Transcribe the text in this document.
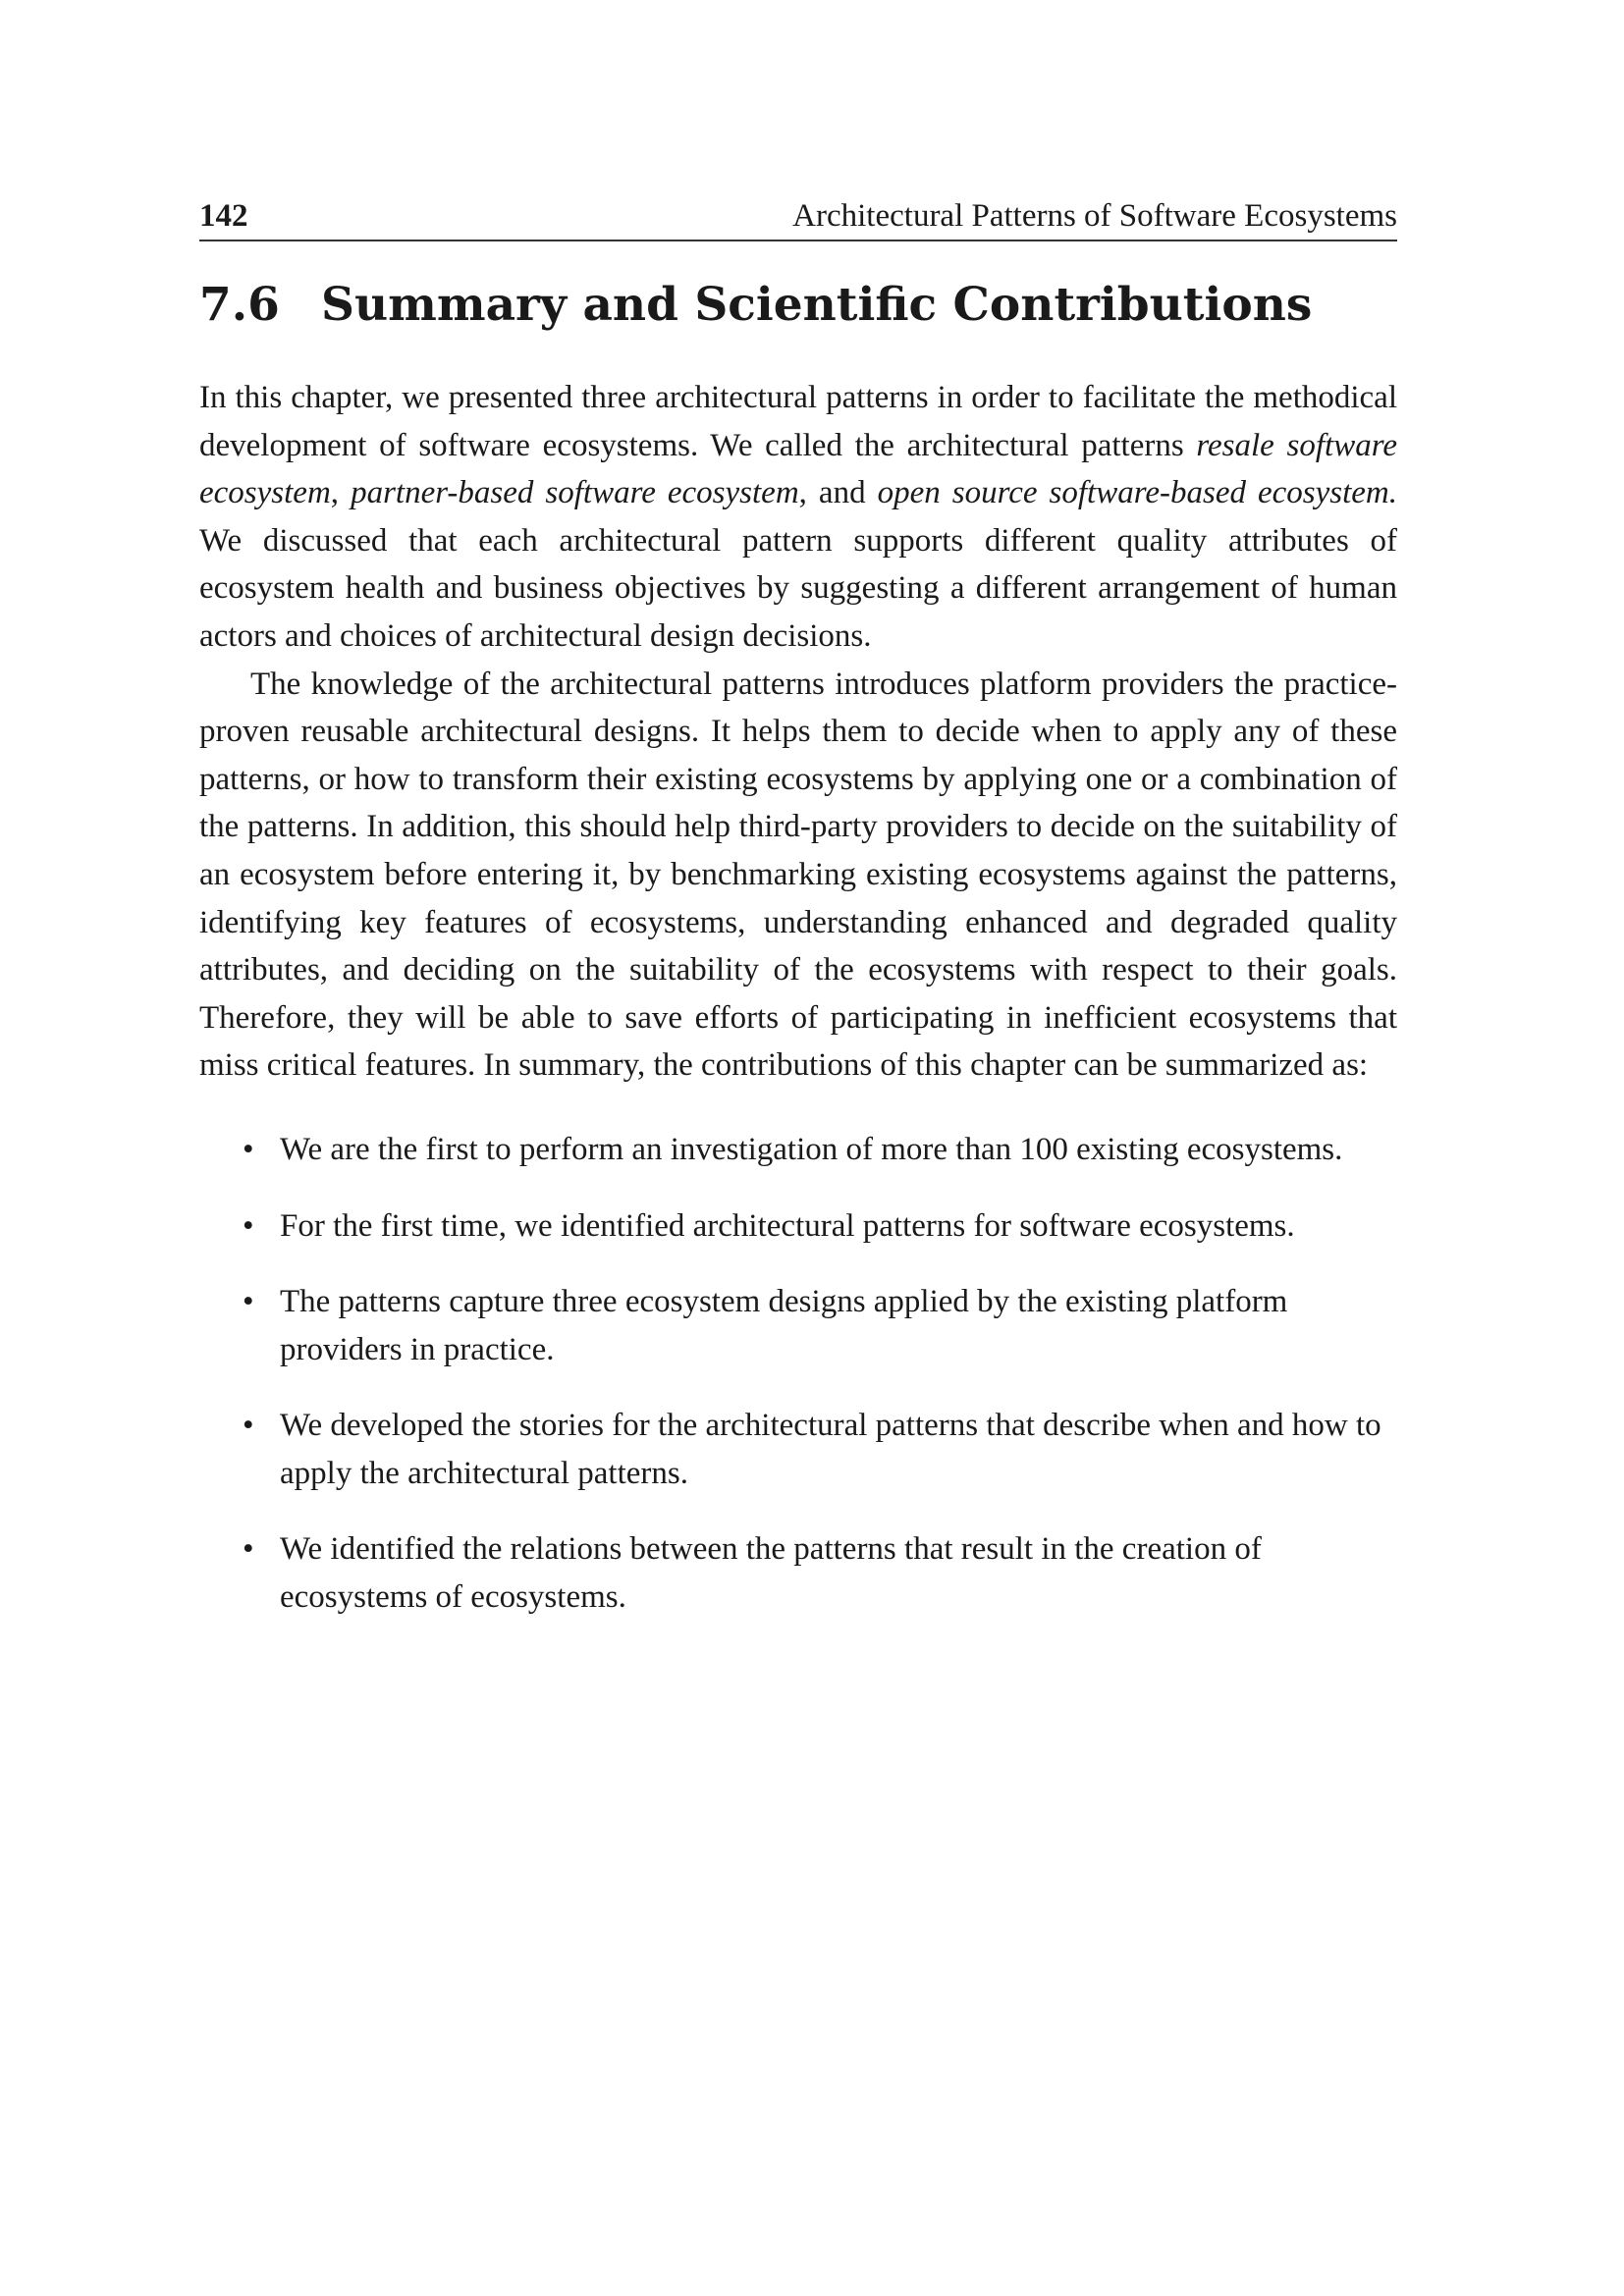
142	Architectural Patterns of Software Ecosystems
7.6 Summary and Scientific Contributions

In this chapter, we presented three architectural patterns in order to facilitate the methodical development of software ecosystems. We called the architectural patterns resale software ecosystem, partner-based software ecosystem, and open source software-based ecosystem. We discussed that each architectural pattern supports different quality attributes of ecosystem health and business objectives by suggesting a different arrangement of human actors and choices of architectural design decisions.

The knowledge of the architectural patterns introduces platform providers the practice-proven reusable architectural designs. It helps them to decide when to apply any of these patterns, or how to transform their existing ecosystems by applying one or a combination of the patterns. In addition, this should help third-party providers to decide on the suitability of an ecosystem before entering it, by benchmarking existing ecosystems against the patterns, identifying key features of ecosystems, understanding enhanced and degraded quality attributes, and deciding on the suitability of the ecosystems with respect to their goals. Therefore, they will be able to save efforts of participating in inefficient ecosystems that miss critical features. In summary, the contributions of this chapter can be summarized as:

• We are the first to perform an investigation of more than 100 existing ecosystems.
• For the first time, we identified architectural patterns for software ecosystems.
• The patterns capture three ecosystem designs applied by the existing platform providers in practice.
• We developed the stories for the architectural patterns that describe when and how to apply the architectural patterns.
• We identified the relations between the patterns that result in the creation of ecosystems of ecosystems.
